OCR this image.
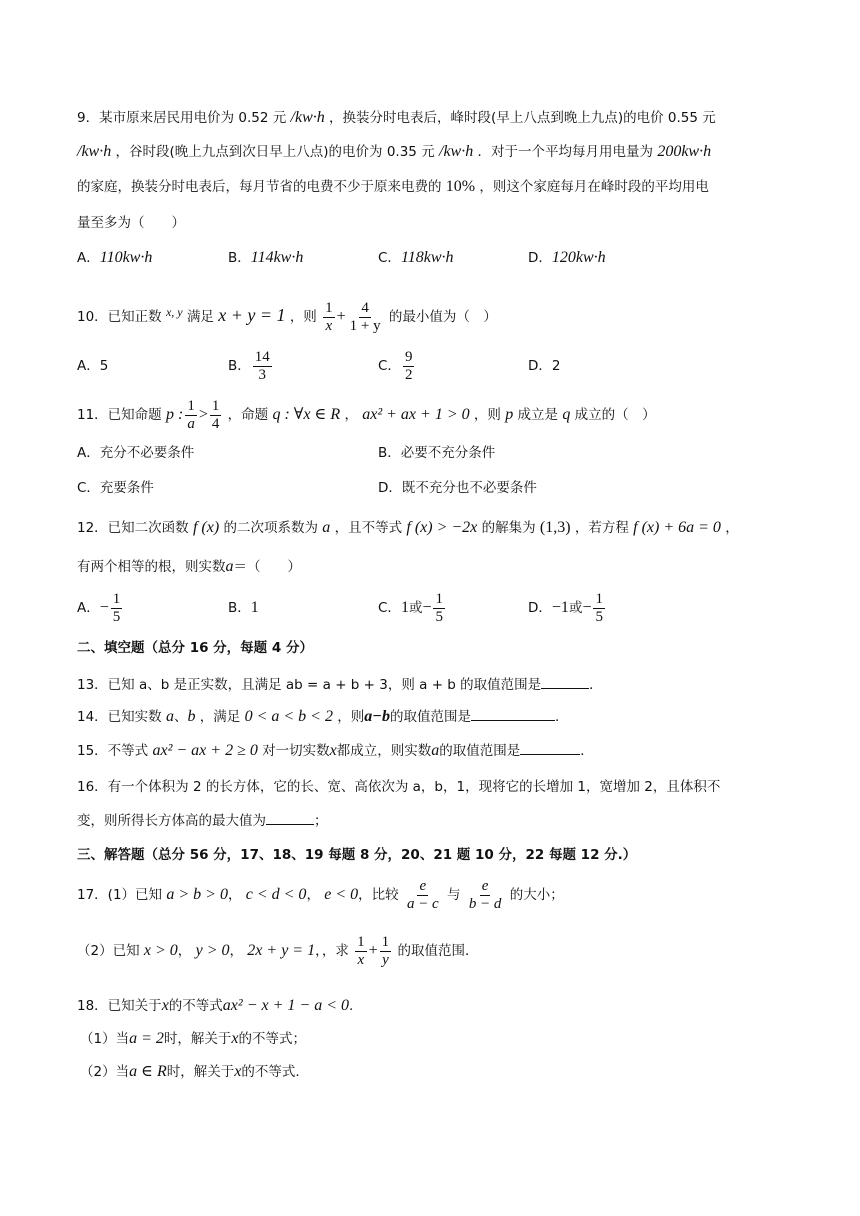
9．某市原来居民用电价为 0.52 元 /kw·h ，换装分时电表后，峰时段(早上八点到晚上九点)的电价 0.55 元
/kw·h ，谷时段(晚上九点到次日早上八点)的电价为 0.35 元 /kw·h ．对于一个平均每月用电量为 200kw·h
的家庭，换装分时电表后，每月节省的电费不少于原来电费的 10% ，则这个家庭每月在峰时段的平均用电
量至多为（　　）
A．110kw·h	B．114kw·h	C．118kw·h	D．120kw·h
10．已知正数 x, y 满足 x + y = 1 ，则 $\frac{1}{x} + \frac{4}{1 + y}$ 的最小值为（　）
A．5	B． $\frac{14}{3}$	C． $\frac{9}{2}$	D．2
11．已知命题 p : $\frac{1}{a} > \frac{1}{4}$ ，命题 q : ∀x ∈ R ， ax² + ax + 1 > 0 ，则 p 成立是 q 成立的（　）
A．充分不必要条件	B．必要不充分条件
C．充要条件	D．既不充分也不必要条件
12．已知二次函数 f (x) 的二次项系数为 a ，且不等式 f (x) > −2x 的解集为 (1,3) ，若方程 f (x) + 6a = 0 ，
有两个相等的根，则实数a＝（　　）
A．− $\frac{1}{5}$	B．1	C．1或− $\frac{1}{5}$	D．−1或− $\frac{1}{5}$
二、填空题（总分 16 分，每题 4 分）
13．已知 a、b 是正实数，且满足 ab = a + b + 3，则 a + b 的取值范围是	．
14．已知实数 a、b ，满足 0 < a < b < 2 ，则a−b的取值范围是	.
15．不等式 ax² − ax + 2 ≥ 0 对一切实数x都成立，则实数a的取值范围是	．
16．有一个体积为 2 的长方体，它的长、宽、高依次为 a，b，1，现将它的长增加 1，宽增加 2，且体积不
变，则所得长方体高的最大值为	；
三、解答题（总分 56 分，17、18、19 每题 8 分，20、21 题 10 分，22 每题 12 分.）
17．(1）已知 a > b > 0， c < d < 0， e < 0，比较 $\frac{e}{a - c}$ 与 $\frac{e}{b - d}$ 的大小；
（2）已知 x > 0， y > 0， 2x + y = 1，，求 $\frac{1}{x} + \frac{1}{y}$ 的取值范围．
18．已知关于x的不等式ax² − x + 1 − a < 0.
（1）当a = 2时，解关于x的不等式；
（2）当a ∈ R时，解关于x的不等式.
